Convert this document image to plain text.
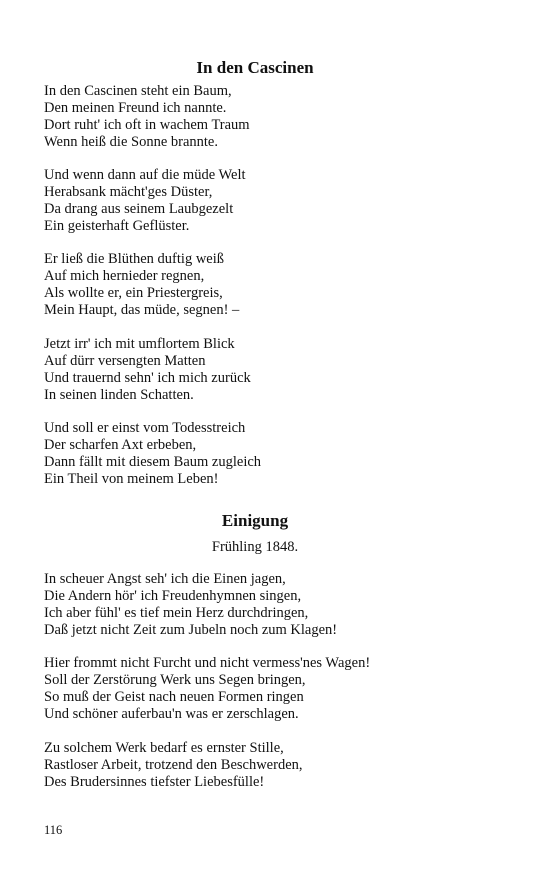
In den Cascinen
In den Cascinen steht ein Baum,
Den meinen Freund ich nannte.
Dort ruht' ich oft in wachem Traum
Wenn heiß die Sonne brannte.
Und wenn dann auf die müde Welt
Herabsank mächt'ges Düster,
Da drang aus seinem Laubgezelt
Ein geisterhaft Geflüster.
Er ließ die Blüthen duftig weiß
Auf mich hernieder regnen,
Als wollte er, ein Priestergreis,
Mein Haupt, das müde, segnen! –
Jetzt irr' ich mit umflortem Blick
Auf dürr versengten Matten
Und trauernd sehn' ich mich zurück
In seinen linden Schatten.
Und soll er einst vom Todesstreich
Der scharfen Axt erbeben,
Dann fällt mit diesem Baum zugleich
Ein Theil von meinem Leben!
Einigung

Frühling 1848.

In scheuer Angst seh' ich die Einen jagen,
Die Andern hör' ich Freudenhymnen singen,
Ich aber fühl' es tief mein Herz durchdringen,
Daß jetzt nicht Zeit zum Jubeln noch zum Klagen!
Hier frommt nicht Furcht und nicht vermess'nes Wagen!
Soll der Zerstörung Werk uns Segen bringen,
So muß der Geist nach neuen Formen ringen
Und schöner auferbau'n was er zerschlagen.
Zu solchem Werk bedarf es ernster Stille,
Rastloser Arbeit, trotzend den Beschwerden,
Des Brudersinnes tiefster Liebesfülle!
116
